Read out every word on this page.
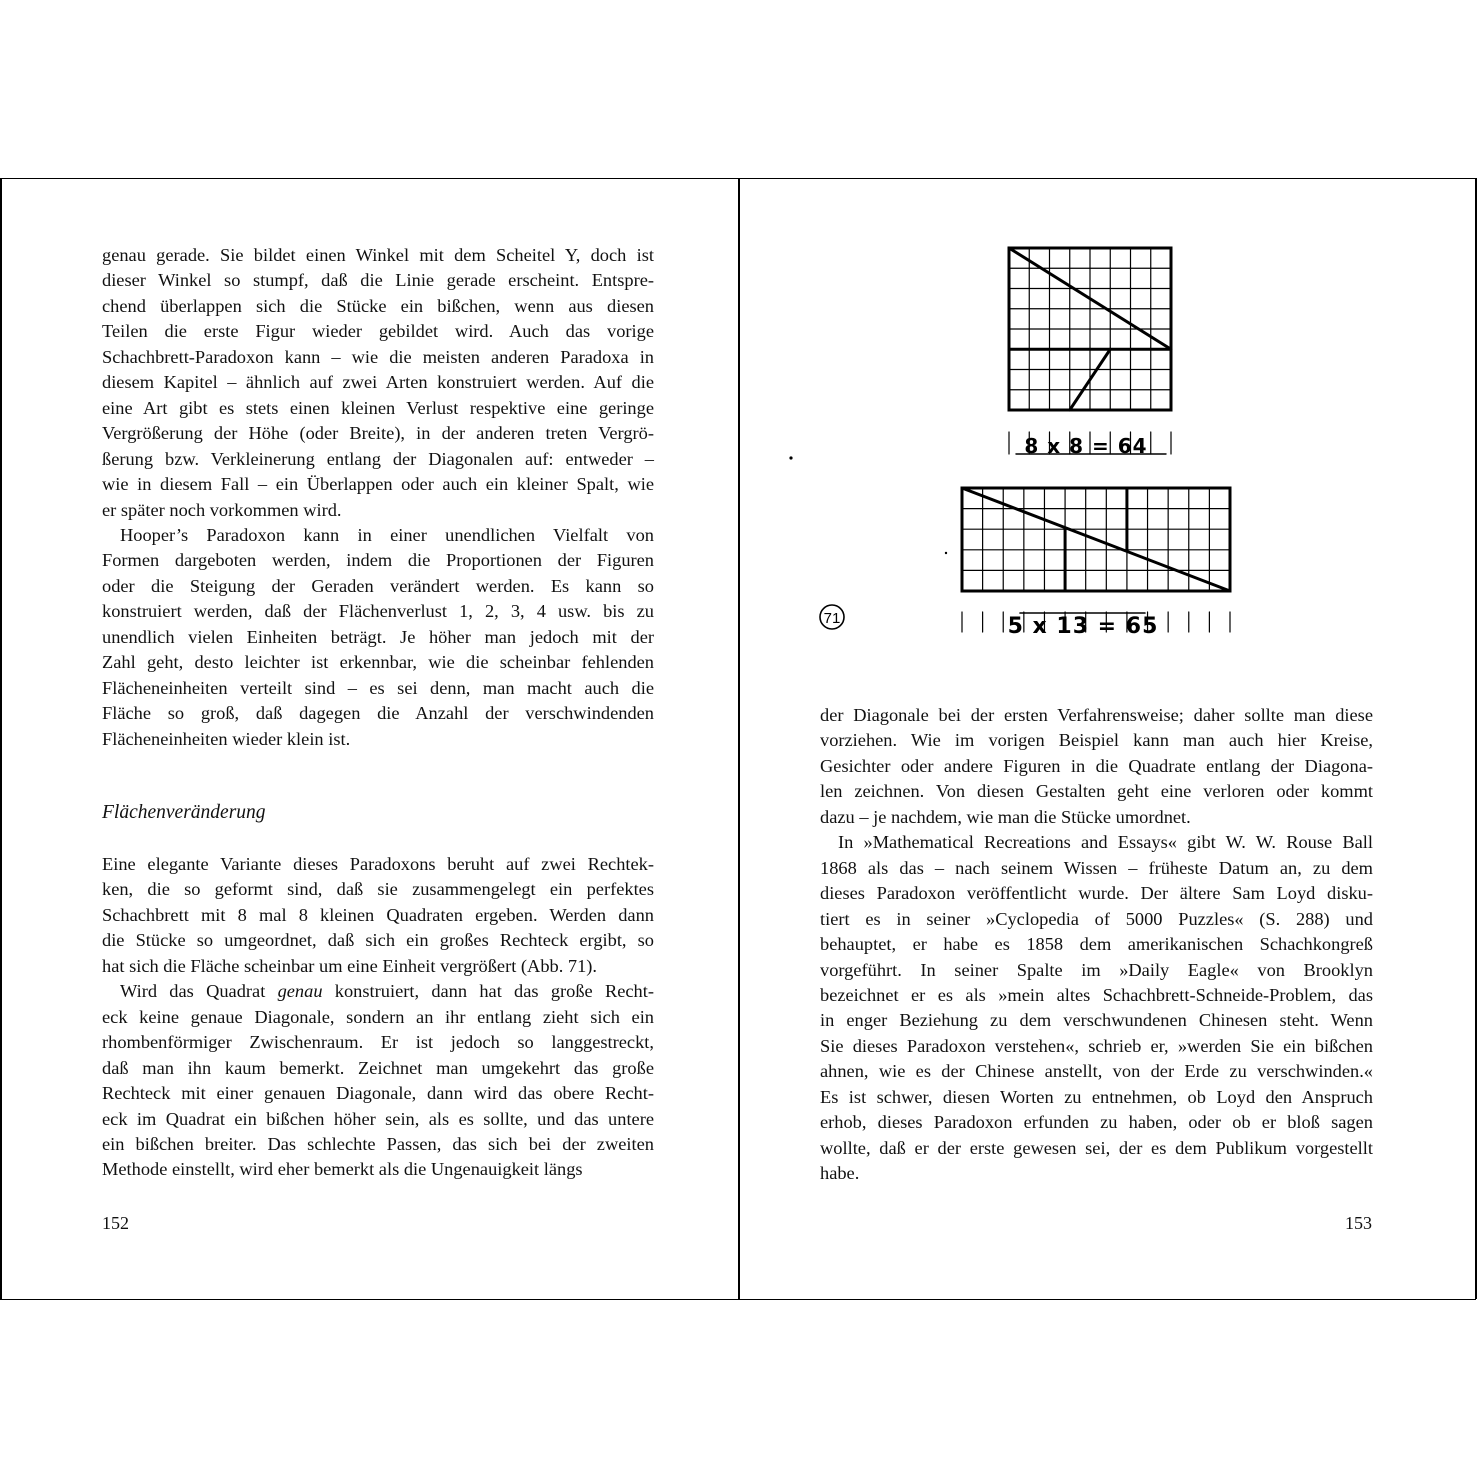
genau gerade. Sie bildet einen Winkel mit dem Scheitel Y, doch ist

dieser Winkel so stumpf, daß die Linie gerade erscheint. Entspre-

chend überlappen sich die Stücke ein bißchen, wenn aus diesen

Teilen die erste Figur wieder gebildet wird. Auch das vorige

Schachbrett-Paradoxon kann – wie die meisten anderen Paradoxa in

diesem Kapitel – ähnlich auf zwei Arten konstruiert werden. Auf die

eine Art gibt es stets einen kleinen Verlust respektive eine geringe

Vergrößerung der Höhe (oder Breite), in der anderen treten Vergrö-

ßerung bzw. Verkleinerung entlang der Diagonalen auf: entweder –

wie in diesem Fall – ein Überlappen oder auch ein kleiner Spalt, wie

er später noch vorkommen wird.

Hooper’s Paradoxon kann in einer unendlichen Vielfalt von

Formen dargeboten werden, indem die Proportionen der Figuren

oder die Steigung der Geraden verändert werden. Es kann so

konstruiert werden, daß der Flächenverlust 1, 2, 3, 4 usw. bis zu

unendlich vielen Einheiten beträgt. Je höher man jedoch mit der

Zahl geht, desto leichter ist erkennbar, wie die scheinbar fehlenden

Flächeneinheiten verteilt sind – es sei denn, man macht auch die

Fläche so groß, daß dagegen die Anzahl der verschwindenden

Flächeneinheiten wieder klein ist.

Flächenveränderung

Eine elegante Variante dieses Paradoxons beruht auf zwei Rechtek-

ken, die so geformt sind, daß sie zusammengelegt ein perfektes

Schachbrett mit 8 mal 8 kleinen Quadraten ergeben. Werden dann

die Stücke so umgeordnet, daß sich ein großes Rechteck ergibt, so

hat sich die Fläche scheinbar um eine Einheit vergrößert (Abb. 71).

Wird das Quadrat genau konstruiert, dann hat das große Recht-

eck keine genaue Diagonale, sondern an ihr entlang zieht sich ein

rhombenförmiger Zwischenraum. Er ist jedoch so langgestreckt,

daß man ihn kaum bemerkt. Zeichnet man umgekehrt das große

Rechteck mit einer genauen Diagonale, dann wird das obere Recht-

eck im Quadrat ein bißchen höher sein, als es sollte, und das untere

ein bißchen breiter. Das schlechte Passen, das sich bei der zweiten

Methode einstellt, wird eher bemerkt als die Ungenauigkeit längs

152
71
8 x 8 = 64
5 x 13 = 65

der Diagonale bei der ersten Verfahrensweise; daher sollte man diese

vorziehen. Wie im vorigen Beispiel kann man auch hier Kreise,

Gesichter oder andere Figuren in die Quadrate entlang der Diagona-

len zeichnen. Von diesen Gestalten geht eine verloren oder kommt

dazu – je nachdem, wie man die Stücke umordnet.

In »Mathematical Recreations and Essays« gibt W. W. Rouse Ball

1868 als das – nach seinem Wissen – früheste Datum an, zu dem

dieses Paradoxon veröffentlicht wurde. Der ältere Sam Loyd disku-

tiert es in seiner »Cyclopedia of 5000 Puzzles« (S. 288) und

behauptet, er habe es 1858 dem amerikanischen Schachkongreß

vorgeführt. In seiner Spalte im »Daily Eagle« von Brooklyn

bezeichnet er es als »mein altes Schachbrett-Schneide-Problem, das

in enger Beziehung zu dem verschwundenen Chinesen steht. Wenn

Sie dieses Paradoxon verstehen«, schrieb er, »werden Sie ein bißchen

ahnen, wie es der Chinese anstellt, von der Erde zu verschwinden.«

Es ist schwer, diesen Worten zu entnehmen, ob Loyd den Anspruch

erhob, dieses Paradoxon erfunden zu haben, oder ob er bloß sagen

wollte, daß er der erste gewesen sei, der es dem Publikum vorgestellt

habe.

153
